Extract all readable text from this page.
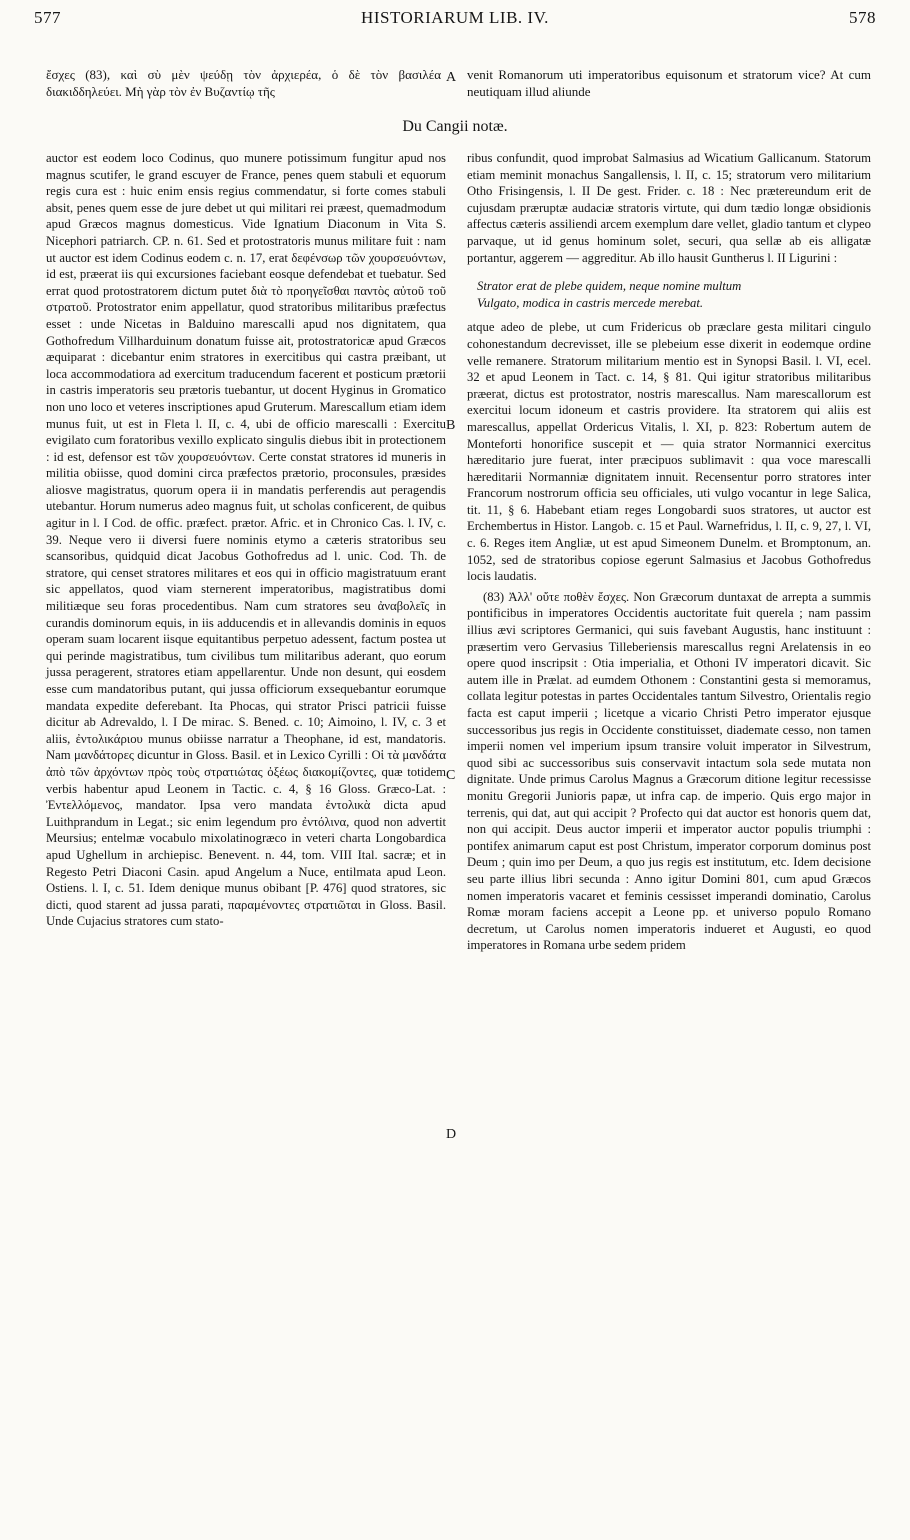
HISTORIARUM LIB. IV.
577	578

ἔσχες (83), καὶ σὺ μὲν ψεύδῃ τὸν ἀρχιερέα, ὁ δὲ τὸν βασιλέα διακιδδηλεύει. Μὴ γὰρ τὸν ἐν Βυζαντίῳ τῆς

venit Romanorum uti imperatoribus equisonum et stratorum vice? At cum neutiquam illud aliunde

A
B
C
D
Du Cangii notæ.

auctor est eodem loco Codinus, quo munere potissimum fungitur apud nos magnus scutifer, le grand escuyer de France, penes quem stabuli et equorum regis cura est : huic enim ensis regius commendatur, si forte comes stabuli absit, penes quem esse de jure debet ut qui militari rei præest, quemadmodum apud Græcos magnus domesticus. Vide Ignatium Diaconum in Vita S. Nicephori patriarch. CP. n. 61. Sed et protostratoris munus militare fuit : nam ut auctor est idem Codinus eodem c. n. 17, erat δεφένσωρ τῶν χουρσευόντων, id est, præerat iis qui excursiones faciebant eosque defendebat et tuebatur. Sed errat quod protostratorem dictum putet διὰ τὸ προηγεῖσθαι παντὸς αὐτοῦ τοῦ στρατοῦ. Protostrator enim appellatur, quod stratoribus militaribus præfectus esset : unde Nicetas in Balduino marescalli apud nos dignitatem, qua Gothofredum Villharduinum donatum fuisse ait, protostratoricæ apud Græcos æquiparat : dicebantur enim stratores in exercitibus qui castra præibant, ut loca accommodatiora ad exercitum traducendum facerent et posticum prætorii in castris imperatoris seu prætoris tuebantur, ut docent Hyginus in Gromatico non uno loco et veteres inscriptiones apud Gruterum. Marescallum etiam idem munus fuit, ut est in Fleta l. II, c. 4, ubi de officio marescalli : Exercitu evigilato cum foratoribus vexillo explicato singulis diebus ibit in protectionem : id est, defensor est τῶν χουρσευόντων. Certe constat stratores id muneris in militia obiisse, quod domini circa præfectos prætorio, proconsules, præsides aliosve magistratus, quorum opera ii in mandatis perferendis aut peragendis utebantur. Horum numerus adeo magnus fuit, ut scholas conficerent, de quibus agitur in l. I Cod. de offic. præfect. prætor. Afric. et in Chronico Cas. l. IV, c. 39. Neque vero ii diversi fuere nominis etymo a cæteris stratoribus seu scansoribus, quidquid dicat Jacobus Gothofredus ad l. unic. Cod. Th. de stratore, qui censet stratores militares et eos qui in officio magistratuum erant sic appellatos, quod viam sternerent imperatoribus, magistratibus domi militiæque seu foras procedentibus. Nam cum stratores seu ἀναβολεῖς in curandis dominorum equis, in iis adducendis et in allevandis dominis in equos operam suam locarent iisque equitantibus perpetuo adessent, factum postea ut qui perinde magistratibus, tum civilibus tum militaribus aderant, quo eorum jussa peragerent, stratores etiam appellarentur. Unde non desunt, qui eosdem esse cum mandatoribus putant, qui jussa officiorum exsequebantur eorumque mandata expedite deferebant. Ita Phocas, qui strator Prisci patricii fuisse dicitur ab Adrevaldo, l. I De mirac. S. Bened. c. 10; Aimoino, l. IV, c. 3 et aliis, ἐντολικάριου munus obiisse narratur a Theophane, id est, mandatoris. Nam μανδάτορες dicuntur in Gloss. Basil. et in Lexico Cyrilli : Οἱ τὰ μανδάτα ἀπὸ τῶν ἀρχόντων πρὸς τοὺς στρατιώτας ὀξέως διακομίζοντες, quæ totidem verbis habentur apud Leonem in Tactic. c. 4, § 16 Gloss. Græco-Lat. : Ἐντελλόμενος, mandator. Ipsa vero mandata ἐντολικὰ dicta apud Luithprandum in Legat.; sic enim legendum pro ἐντόλινα, quod non advertit Meursius; entelmæ vocabulo mixolatinogræco in veteri charta Longobardica apud Ughellum in archiepisc. Benevent. n. 44, tom. VIII Ital. sacræ; et in Regesto Petri Diaconi Casin. apud Angelum a Nuce, entilmata apud Leon. Ostiens. l. I, c. 51. Idem denique munus obibant [P. 476] quod stratores, sic dicti, quod starent ad jussa parati, παραμένοντες στρατιῶται in Gloss. Basil. Unde Cujacius stratores cum stato-

ribus confundit, quod improbat Salmasius ad Wicatium Gallicanum. Statorum etiam meminit monachus Sangallensis, l. II, c. 15; stratorum vero militarium Otho Frisingensis, l. II De gest. Frider. c. 18 : Nec prætereundum erit de cujusdam præruptæ audaciæ stratoris virtute, qui dum tædio longæ obsidionis affectus cæteris assiliendi arcem exemplum dare vellet, gladio tantum et clypeo parvaque, ut id genus hominum solet, securi, qua sellæ ab eis alligatæ portantur, aggerem — aggreditur. Ab illo hausit Guntherus l. II Ligurini :

Strator erat de plebe quidem, neque nomine multum
Vulgato, modica in castris mercede merebat.

atque adeo de plebe, ut cum Fridericus ob præclare gesta militari cingulo cohonestandum decrevisset, ille se plebeium esse dixerit in eodemque ordine velle remanere. Stratorum militarium mentio est in Synopsi Basil. l. VI, ecel. 32 et apud Leonem in Tact. c. 14, § 81. Qui igitur stratoribus militaribus præerat, dictus est protostrator, nostris marescallus. Nam marescallorum est exercitui locum idoneum et castris providere. Ita stratorem qui aliis est marescallus, appellat Ordericus Vitalis, l. XI, p. 823: Robertum autem de Monteforti honorifice suscepit et — quia strator Normannici exercitus hæreditario jure fuerat, inter præcipuos sublimavit : qua voce marescalli hæreditarii Normanniæ dignitatem innuit. Recensentur porro stratores inter Francorum nostrorum officia seu officiales, uti vulgo vocantur in lege Salica, tit. 11, § 6. Habebant etiam reges Longobardi suos stratores, ut auctor est Erchembertus in Histor. Langob. c. 15 et Paul. Warnefridus, l. II, c. 9, 27, l. VI, c. 6. Reges item Angliæ, ut est apud Simeonem Dunelm. et Bromptonum, an. 1052, sed de stratoribus copiose egerunt Salmasius et Jacobus Gothofredus locis laudatis.

(83) Ἀλλ' οὔτε ποθὲν ἔσχες. Non Græcorum duntaxat de arrepta a summis pontificibus in imperatores Occidentis auctoritate fuit querela ; nam passim illius ævi scriptores Germanici, qui suis favebant Augustis, hanc instituunt : præsertim vero Gervasius Tilleberiensis marescallus regni Arelatensis in eo opere quod inscripsit : Otia imperialia, et Othoni IV imperatori dicavit. Sic autem ille in Prælat. ad eumdem Othonem : Constantini gesta si memoramus, collata legitur potestas in partes Occidentales tantum Silvestro, Orientalis regio facta est caput imperii ; licetque a vicario Christi Petro imperator ejusque successoribus jus regis in Occidente constituisset, diademate cesso, non tamen imperii nomen vel imperium ipsum transire voluit imperator in Silvestrum, quod sibi ac successoribus suis conservavit intactum sola sede mutata non dignitate. Unde primus Carolus Magnus a Græcorum ditione legitur recessisse monitu Gregorii Junioris papæ, ut infra cap. de imperio. Quis ergo major in terrenis, qui dat, aut qui accipit ? Profecto qui dat auctor est honoris quem dat, non qui accipit. Deus auctor imperii et imperator auctor populis triumphi : pontifex animarum caput est post Christum, imperator corporum dominus post Deum ; quin imo per Deum, a quo jus regis est institutum, etc. Idem decisione seu parte illius libri secunda : Anno igitur Domini 801, cum apud Græcos nomen imperatoris vacaret et feminis cessisset imperandi dominatio, Carolus Romæ moram faciens accepit a Leone pp. et universo populo Romano decretum, ut Carolus nomen imperatoris indueret et Augusti, eo quod imperatores in Romana urbe sedem pridem
